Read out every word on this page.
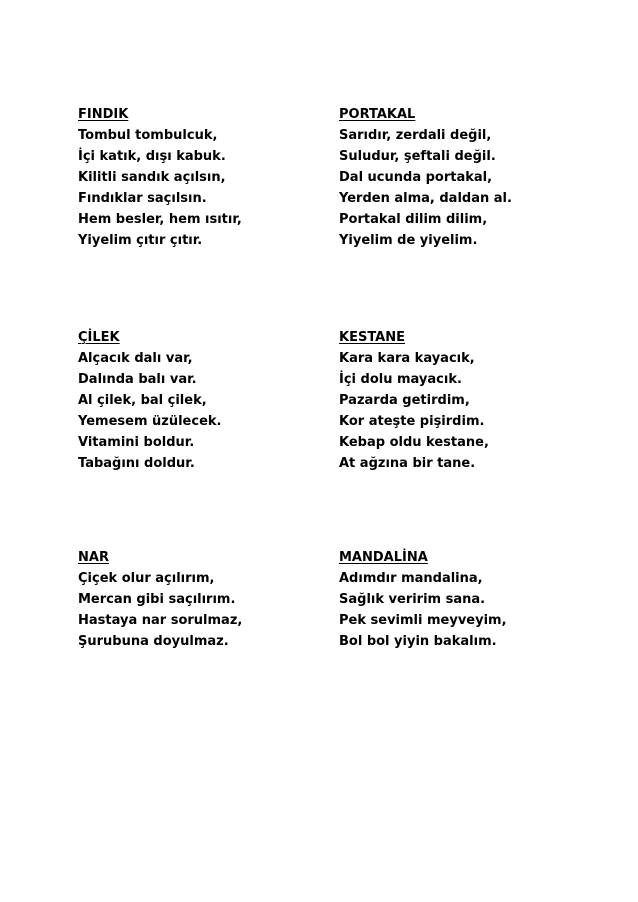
FINDIK
Tombul tombulcuk,
İçi katık, dışı kabuk.
Kilitli sandık açılsın,
Fındıklar saçılsın.
Hem besler, hem ısıtır,
Yiyelim çıtır çıtır.
PORTAKAL
Sarıdır, zerdali değil,
Suludur, şeftali değil.
Dal ucunda portakal,
Yerden alma, daldan al.
Portakal dilim dilim,
Yiyelim de yiyelim.
ÇİLEK
Alçacık dalı var,
Dalında balı var.
Al çilek, bal çilek,
Yemesem üzülecek.
Vitamini boldur.
Tabağını doldur.
KESTANE
Kara kara kayacık,
İçi dolu mayacık.
Pazarda getirdim,
Kor ateşte pişirdim.
Kebap oldu kestane,
At ağzına bir tane.
NAR
Çiçek olur açılırım,
Mercan gibi saçılırım.
Hastaya nar sorulmaz,
Şurubuna doyulmaz.
MANDALİNA
Adımdır mandalina,
Sağlık veririm sana.
Pek sevimli meyveyim,
Bol bol yiyin bakalım.
